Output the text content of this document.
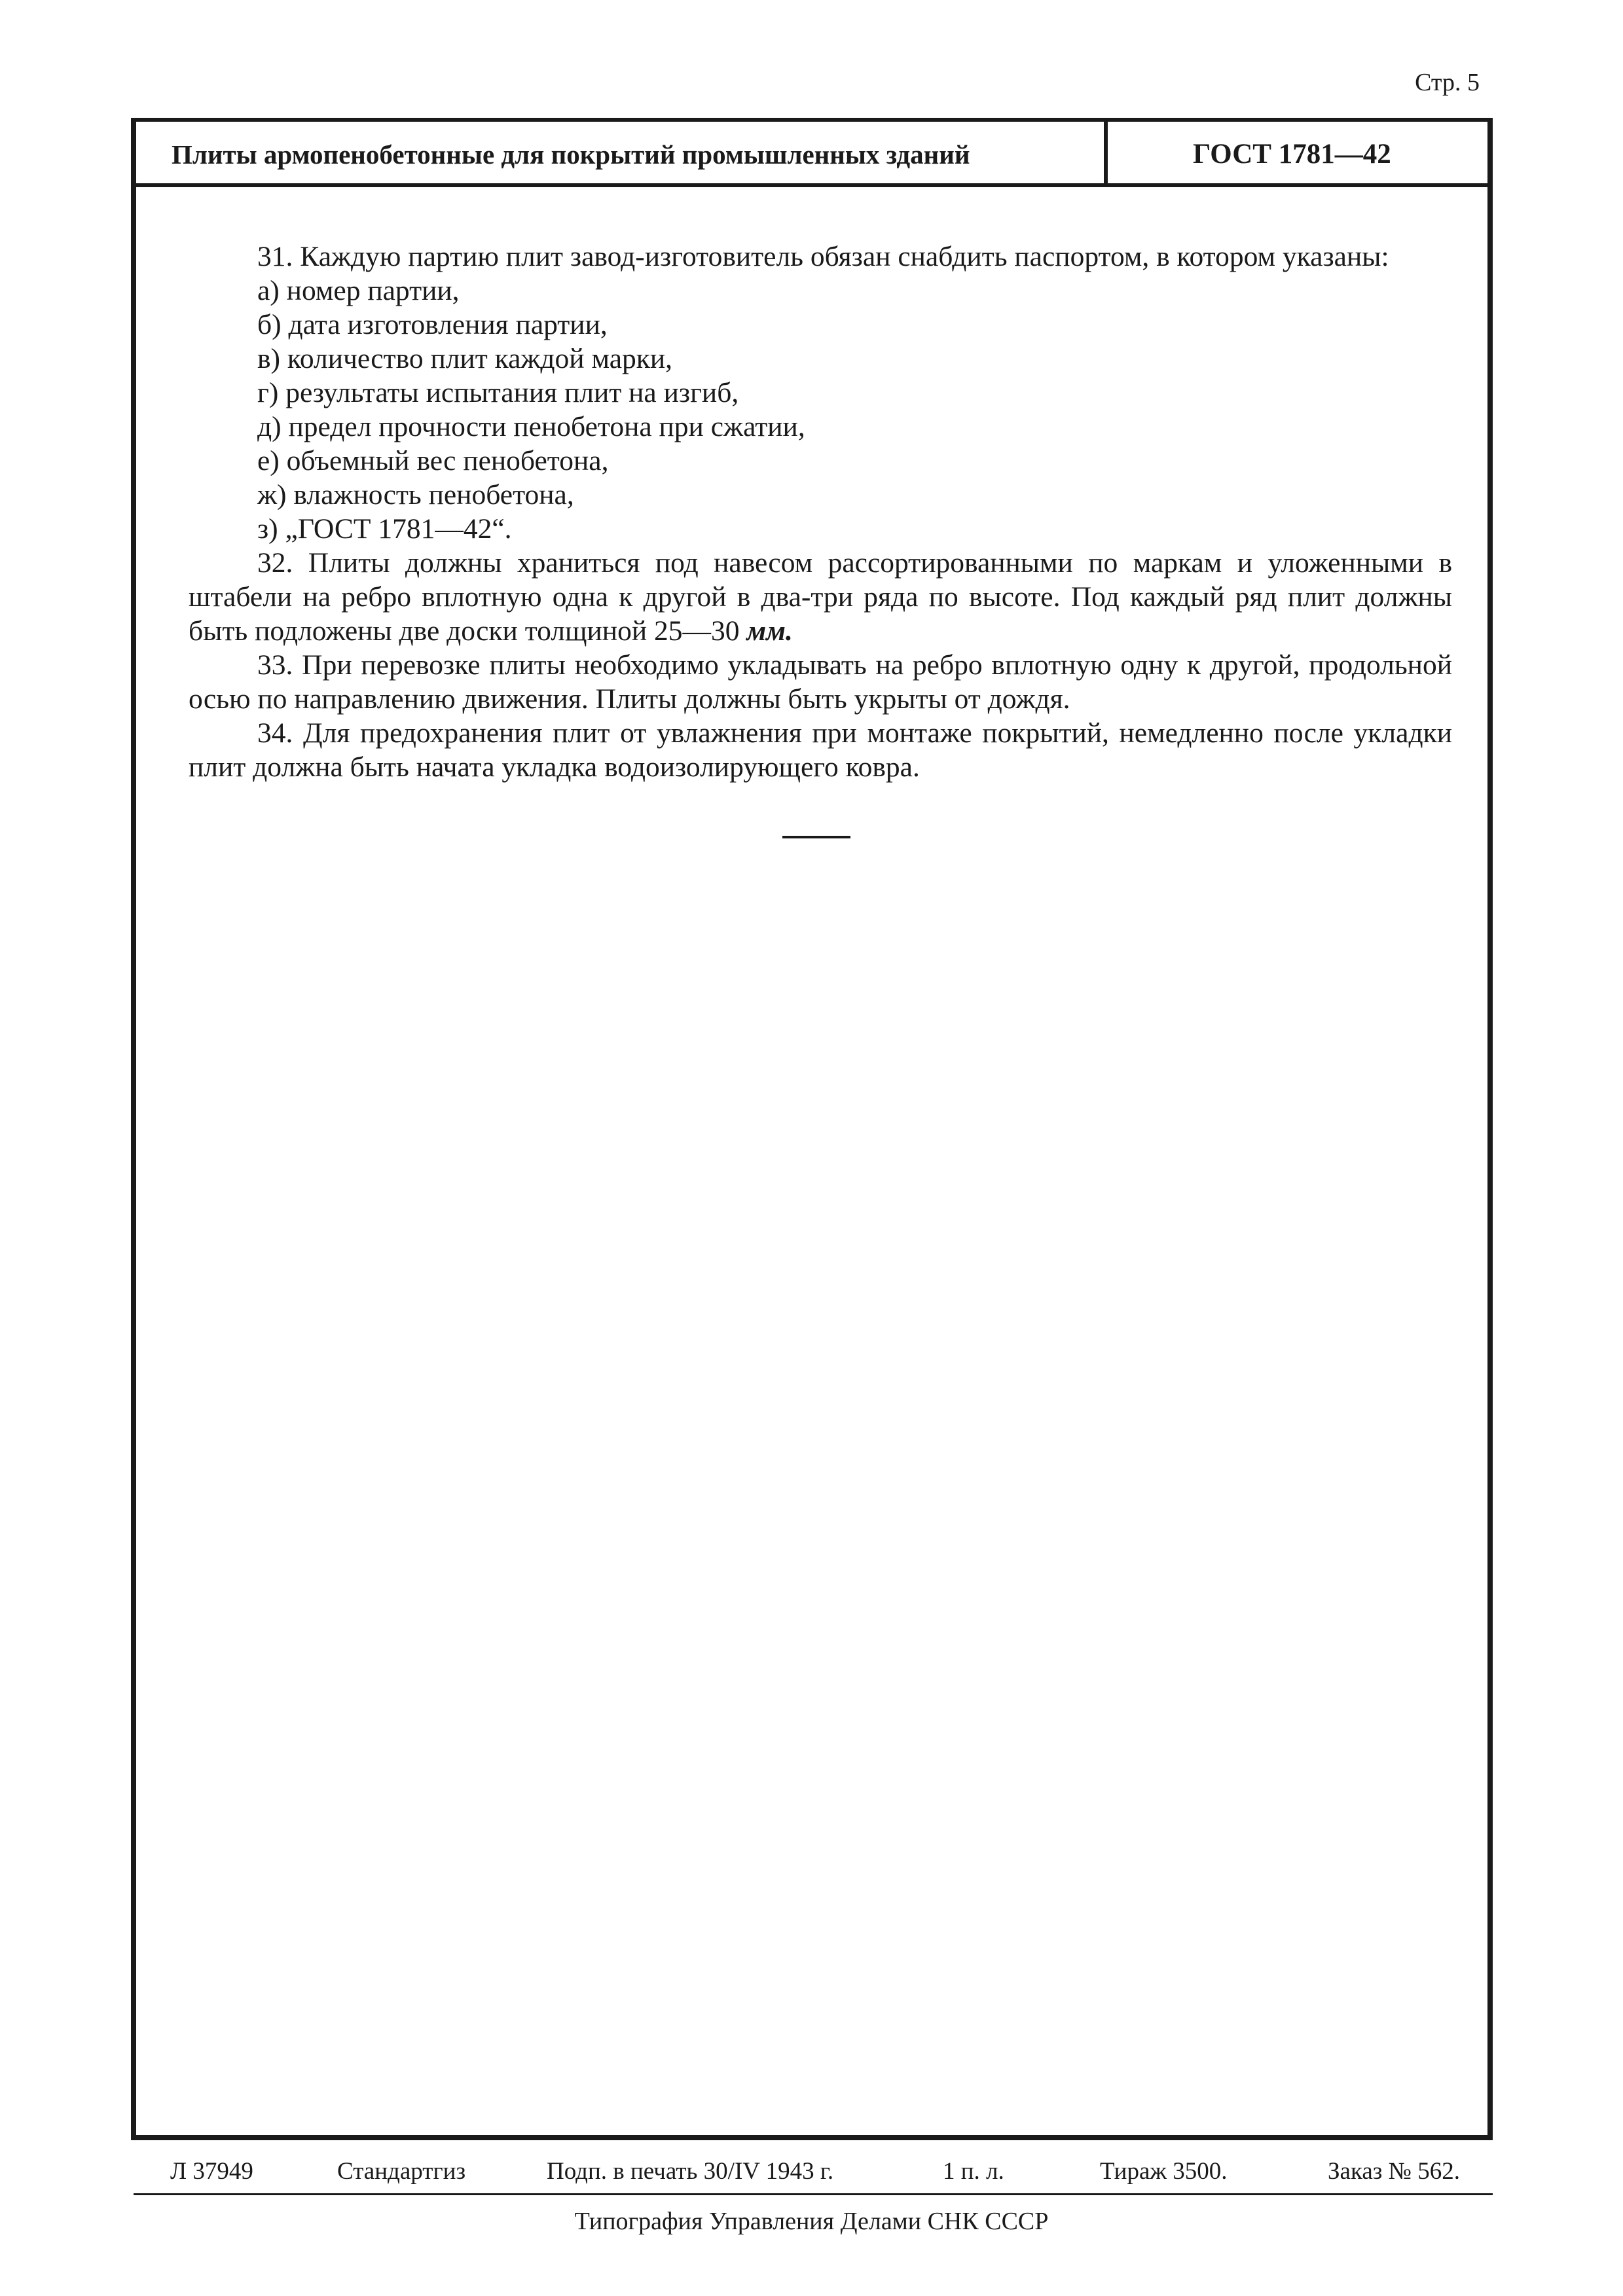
Стр. 5
Плиты армопенобетонные для покрытий промышленных зданий	ГОСТ 1781—42

31. Каждую партию плит завод-изготовитель обязан снабдить паспортом, в котором указаны:

а) номер партии,

б) дата изготовления партии,

в) количество плит каждой марки,

г) результаты испытания плит на изгиб,

д) предел прочности пенобетона при сжатии,

е) объемный вес пенобетона,

ж) влажность пенобетона,

з) „ГОСТ 1781—42“.

32. Плиты должны храниться под навесом рассортированными по маркам и уложенными в штабели на ребро вплотную одна к другой в два-три ряда по высоте. Под каждый ряд плит должны быть подложены две доски толщиной 25—30 мм.

33. При перевозке плиты необходимо укладывать на ребро вплотную одну к другой, продольной осью по направлению движения. Плиты должны быть укрыты от дождя.

34. Для предохранения плит от увлажнения при монтаже покрытий, немедленно после укладки плит должна быть начата укладка водоизолирующего ковра.

Л 37949	Стандартгиз	Подп. в печать 30/IV 1943 г.	1 п. л.	Тираж 3500.	Заказ № 562.
Типография Управления Делами СНК СССР
